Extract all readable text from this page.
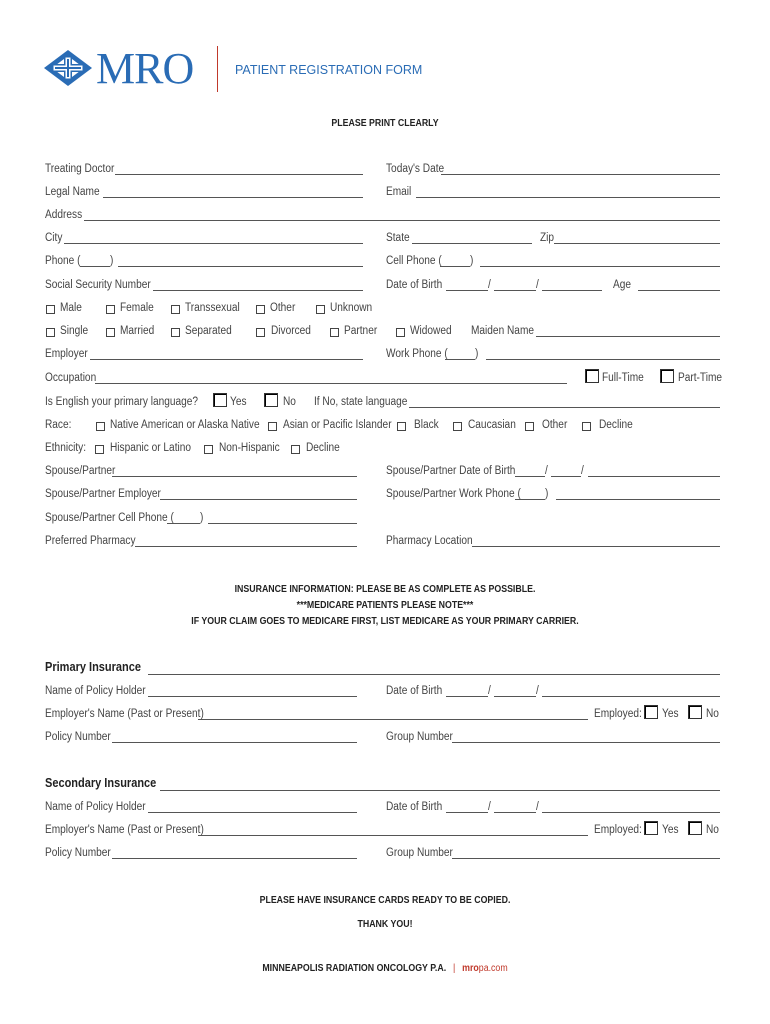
MRO	PATIENT REGISTRATION FORM
PLEASE PRINT CLEARLY
Treating Doctor	Today's Date
Legal Name	Email
Address
City	State	Zip
Phone (	)	Cell Phone ( )
Social Security Number	Date of Birth	/	/	Age
Male	Female	Transsexual	Other	Unknown
Single	Married	Separated	Divorced	Partner	Widowed Maiden Name
Employer	Work Phone ( )
Occupation	Full-Time	Part-Time
Is English your primary language?	Yes	No If No, state language
Race:	Native American or Alaska Native Asian or Pacific Islander Black	Caucasian Other	Decline
Ethnicity: Hispanic or Latino Non-Hispanic Decline
Spouse/Partner	Spouse/Partner Date of Birth	/	/
Spouse/Partner Employer	Spouse/Partner Work Phone ( )
Spouse/Partner Cell Phone ( )
Preferred Pharmacy	Pharmacy Location
INSURANCE INFORMATION: PLEASE BE AS COMPLETE AS POSSIBLE.
***MEDICARE PATIENTS PLEASE NOTE***
IF YOUR CLAIM GOES TO MEDICARE FIRST, LIST MEDICARE AS YOUR PRIMARY CARRIER.
Primary Insurance
Name of Policy Holder	Date of Birth	/	/
Employer's Name (Past or Present)	Employed: Yes No
Policy Number	Group Number
Secondary Insurance
Name of Policy Holder	Date of Birth	/	/
Employer's Name (Past or Present)	Employed: Yes No
Policy Number	Group Number
PLEASE HAVE INSURANCE CARDS READY TO BE COPIED.
THANK YOU!
MINNEAPOLIS RADIATION ONCOLOGY P.A. | mropa.com
